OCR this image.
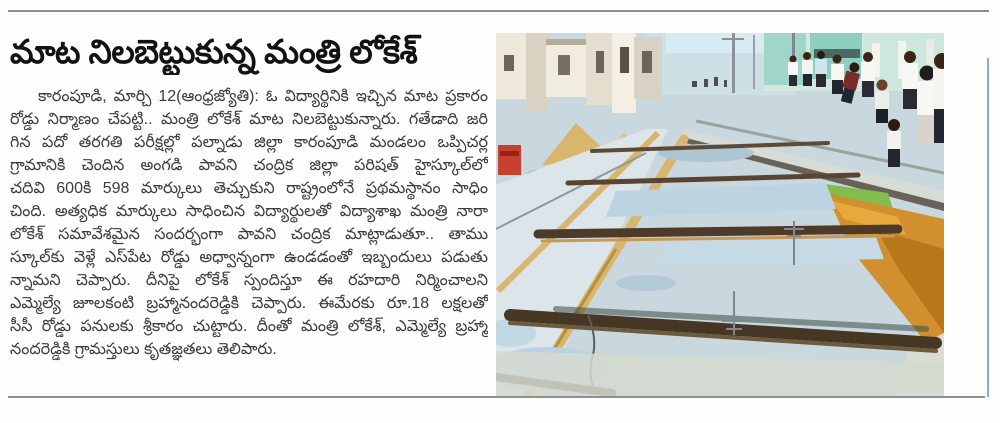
మాట నిలబెట్టుకున్న మంత్రి లోకేశ్
కారంపూడి, మార్చి 12(ఆంధ్రజ్యోతి): ఓ విద్యార్థినికి ఇచ్చిన మాట ప్రకారం
రోడ్డు నిర్మాణం చేపట్టి.. మంత్రి లోకేశ్ మాట నిలబెట్టుకున్నారు. గతేడాది జరి
గిన పదో తరగతి పరీక్షల్లో పల్నాడు జిల్లా కారంపూడి మండలం ఒప్పిచర్ల
గ్రామానికి చెందిన అంగడి పావని చంద్రిక జిల్లా పరిషత్ హైస్కూల్‌లో
చదివి 600కి 598 మార్కులు తెచ్చుకుని రాష్ట్రంలోనే ప్రథమస్థానం సాధిం
చింది. అత్యధిక మార్కులు సాధించిన విద్యార్థులతో విద్యాశాఖ మంత్రి నారా
లోకేశ్ సమావేశమైన సందర్భంగా పావని చంద్రిక మాట్లాడుతూ.. తాము
స్కూల్‌కు వెళ్లే ఎస్‌పేట రోడ్డు అధ్వాన్నంగా ఉండడంతో ఇబ్బందులు పడుతు
న్నామని చెప్పారు. దీనిపై లోకేశ్ స్పందిస్తూ ఈ రహదారి నిర్మించాలని
ఎమ్మెల్యే జూలకంటి బ్రహ్మానందరెడ్డికి చెప్పారు. ఈమేరకు రూ.18 లక్షలతో
సీసీ రోడ్డు పనులకు శ్రీకారం చుట్టారు. దీంతో మంత్రి లోకేశ్, ఎమ్మెల్యే బ్రహ్మా
నందరెడ్డికి గ్రామస్తులు కృతజ్ఞతలు తెలిపారు.
